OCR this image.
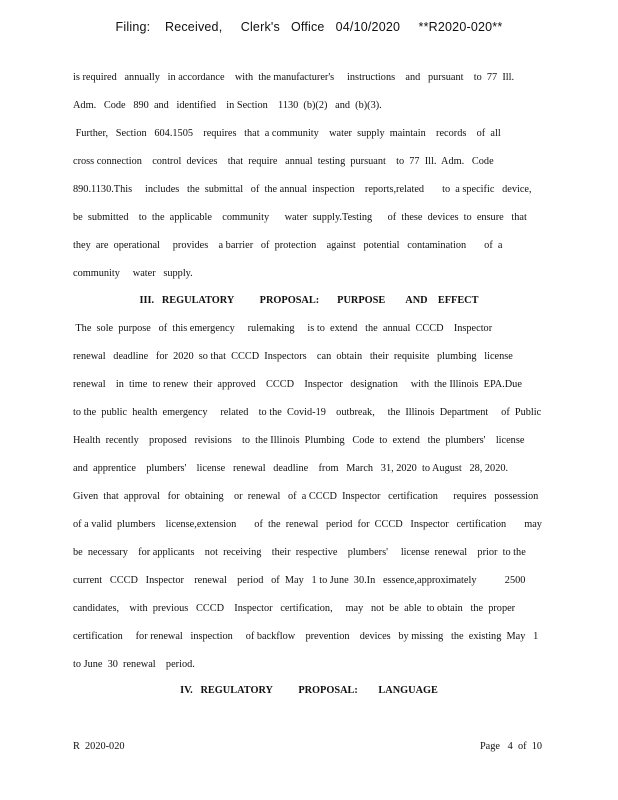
Filing:    Received,     Clerk's   Office   04/10/2020     **R2020-020**
is required   annually   in accordance    with  the manufacturer's     instructions    and   pursuant    to  77  Ill.
Adm.   Code   890  and   identified    in Section    1130  (b)(2)   and  (b)(3).
Further,   Section   604.1505    requires   that  a community    water  supply  maintain    records    of  all
cross connection    control  devices    that  require   annual  testing  pursuant    to  77  Ill.  Adm.   Code
890.1130.This     includes   the  submittal   of  the annual  inspection    reports,related       to  a specific   device,
be  submitted    to  the  applicable    community      water  supply.Testing      of  these  devices  to  ensure   that
they  are  operational     provides    a barrier   of  protection    against   potential   contamination       of  a
community     water   supply.
III.   REGULATORY          PROPOSAL:       PURPOSE        AND    EFFECT
The  sole  purpose   of  this emergency     rulemaking     is to  extend   the  annual  CCCD    Inspector
renewal   deadline   for  2020  so that  CCCD  Inspectors    can  obtain   their  requisite   plumbing   license
renewal    in  time  to renew  their  approved    CCCD    Inspector   designation     with  the Illinois  EPA.Due
to the  public  health  emergency     related    to the  Covid-19    outbreak,     the  Illinois  Department     of  Public
Health  recently    proposed   revisions    to  the Illinois  Plumbing   Code  to  extend   the  plumbers'    license
and  apprentice    plumbers'    license   renewal   deadline    from   March   31, 2020  to August   28, 2020.
Given  that  approval   for  obtaining    or  renewal   of  a CCCD  Inspector   certification      requires   possession
of a valid  plumbers    license,extension       of  the  renewal   period  for  CCCD   Inspector   certification       may
be  necessary    for applicants    not  receiving    their  respective    plumbers'     license  renewal    prior  to the
current   CCCD   Inspector    renewal    period   of  May   1 to June  30.In   essence,approximately           2500
candidates,    with  previous   CCCD    Inspector   certification,     may   not  be  able  to obtain   the  proper
certification     for renewal   inspection     of backflow    prevention    devices   by missing   the  existing  May   1
to June  30  renewal    period.
IV.   REGULATORY          PROPOSAL:        LANGUAGE
R  2020-020	Page   4  of  10
